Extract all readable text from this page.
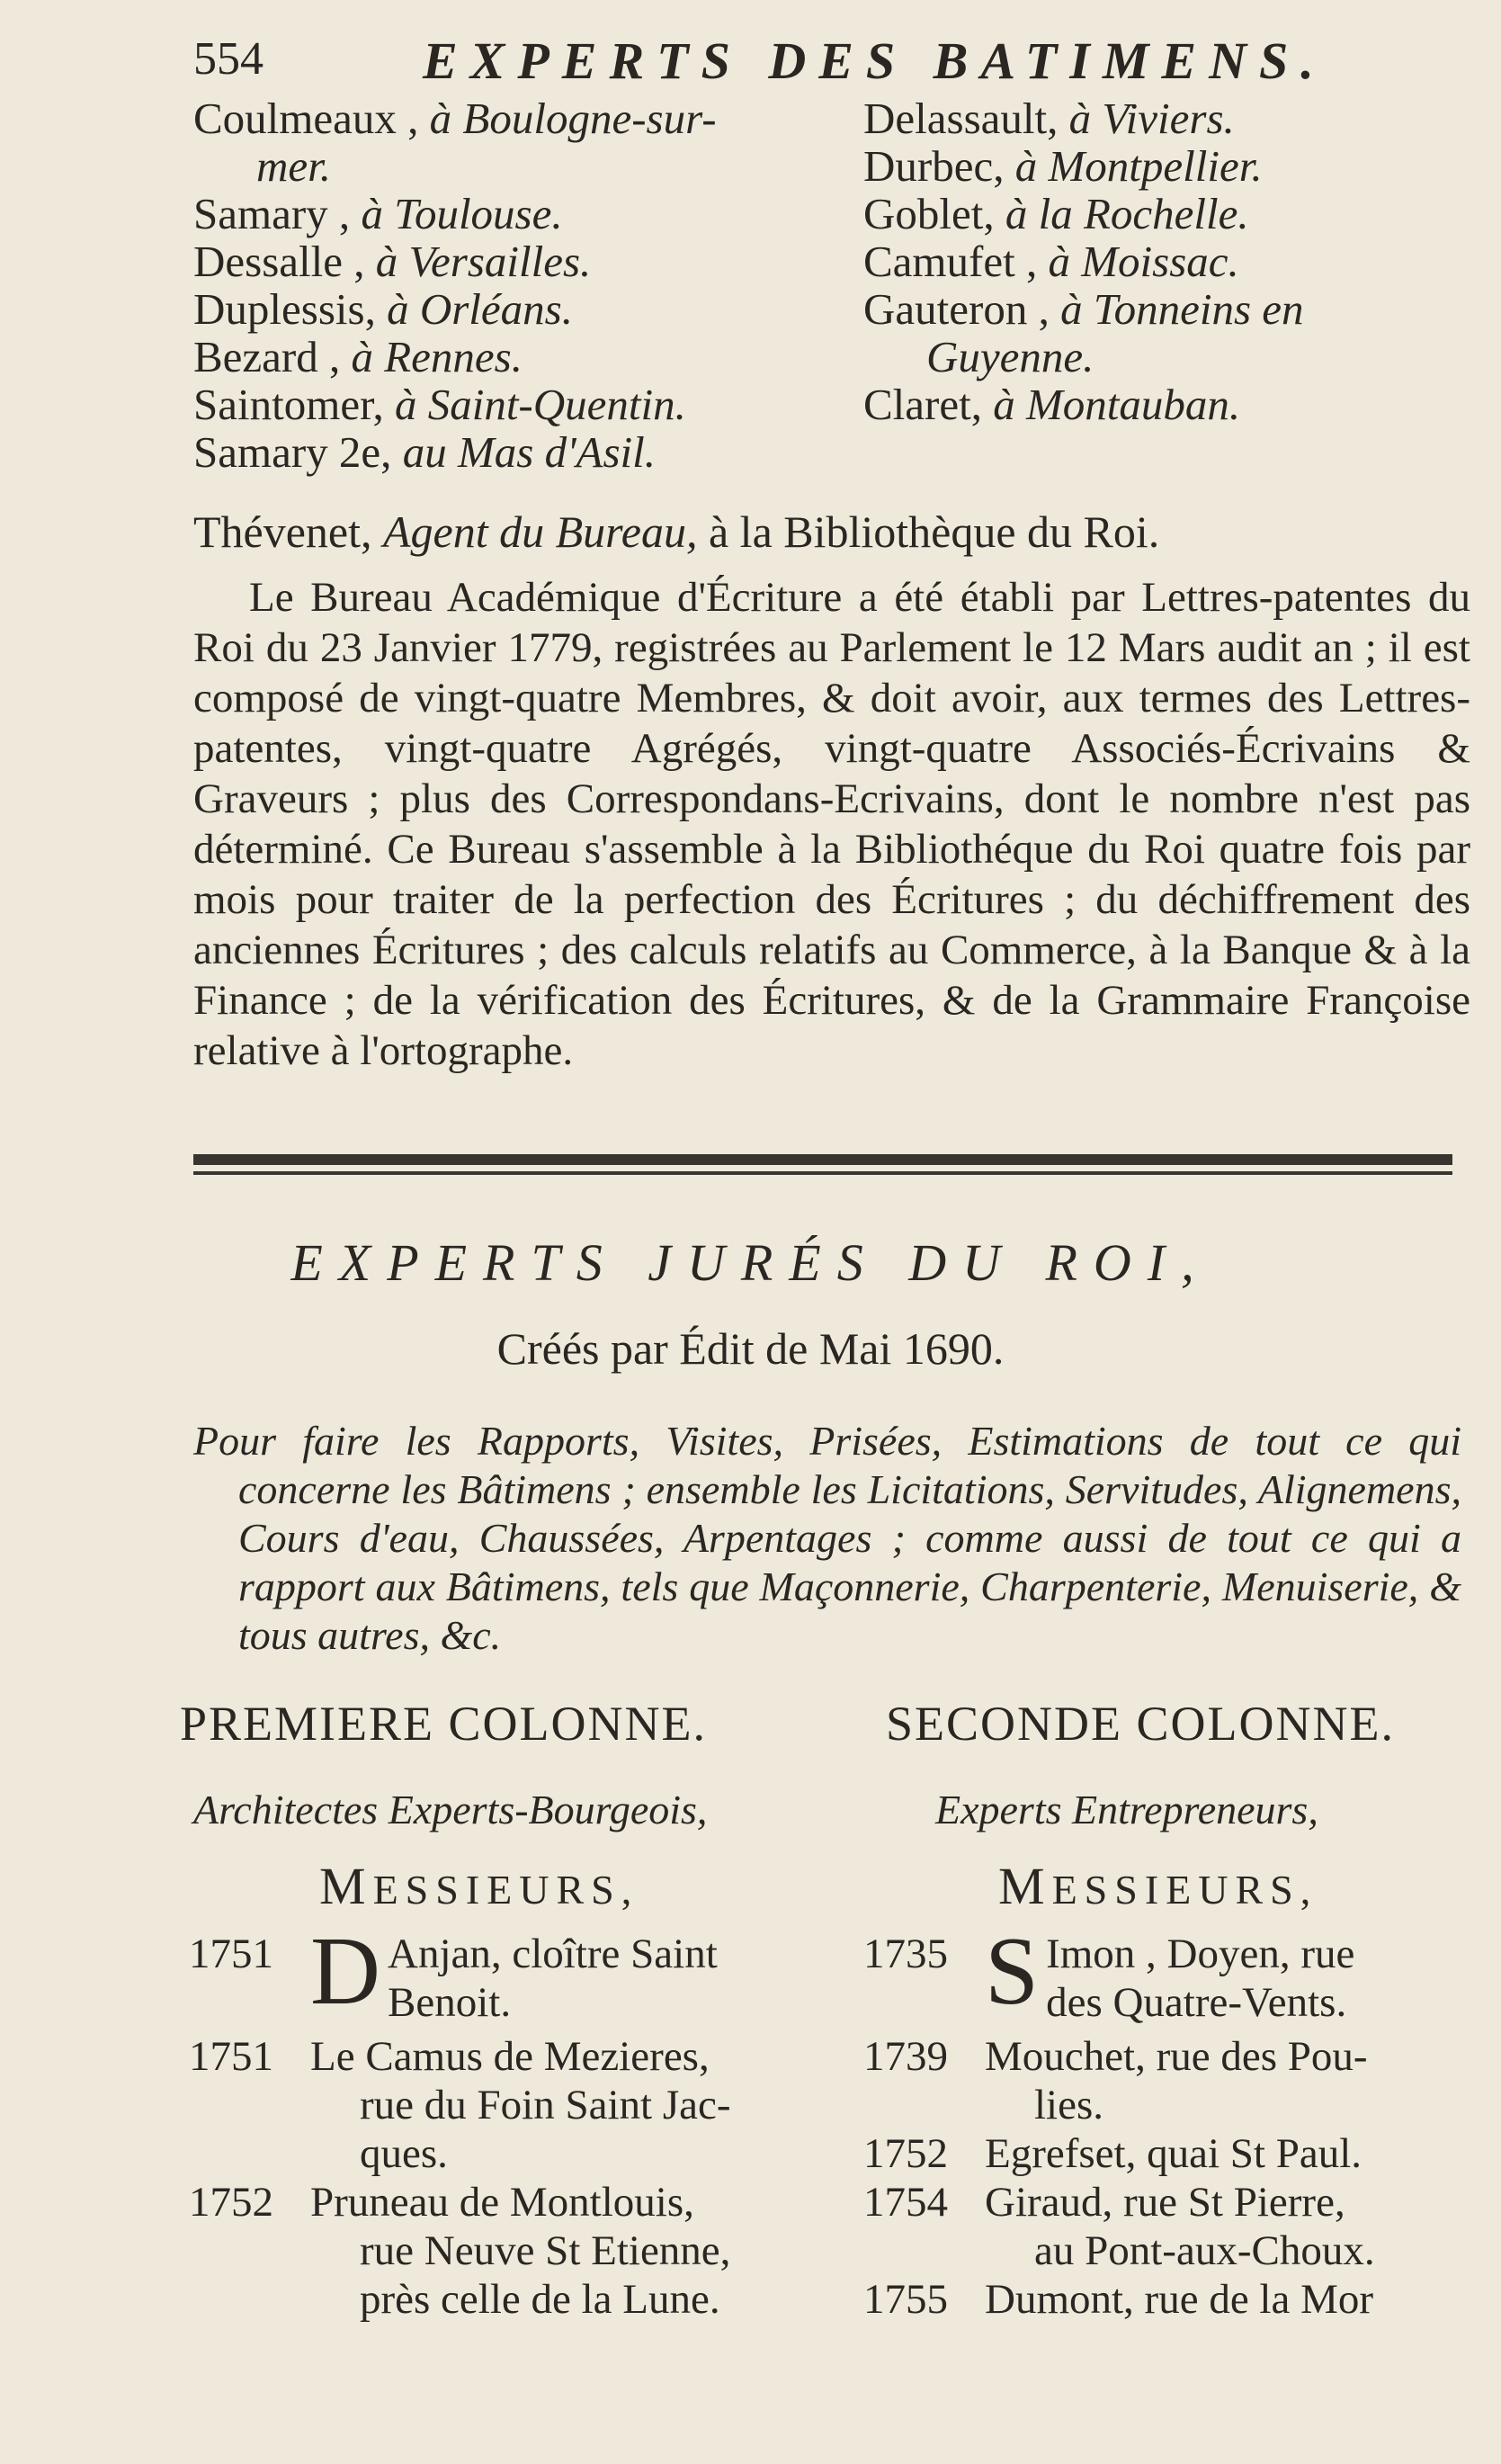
554	EXPERTS DES BATIMENS.
Coulmeaux , à Boulogne-sur-
mer.
Samary , à Toulouse.
Dessalle , à Versailles.
Duplessis, à Orléans.
Bezard , à Rennes.
Saintomer, à Saint-Quentin.
Samary 2e, au Mas d'Asil.
Delassault, à Viviers.
Durbec, à Montpellier.
Goblet, à la Rochelle.
Camufet , à Moissac.
Gauteron , à Tonneins en
Guyenne.
Claret, à Montauban.
Thévenet, Agent du Bureau, à la Bibliothèque du Roi.
Le Bureau Académique d'Écriture a été établi par Lettres-patentes du Roi du 23 Janvier 1779, registrées au Parlement le 12 Mars audit an ; il est composé de vingt-quatre Membres, & doit avoir, aux termes des Lettres-patentes, vingt-quatre Agrégés, vingt-quatre Associés-Écrivains & Graveurs ; plus des Correspondans-Ecrivains, dont le nombre n'est pas déterminé. Ce Bureau s'assemble à la Bibliothéque du Roi quatre fois par mois pour traiter de la perfection des Écritures ; du déchiffrement des anciennes Écritures ; des calculs relatifs au Commerce, à la Banque & à la Finance ; de la vérification des Écritures, & de la Grammaire Françoise relative à l'ortographe.
EXPERTS JURÉS DU ROI,
Créés par Édit de Mai 1690.
Pour faire les Rapports, Visites, Prisées, Estimations de tout ce qui concerne les Bâtimens ; ensemble les Licitations, Servitudes, Alignemens, Cours d'eau, Chaussées, Arpentages ; comme aussi de tout ce qui a rapport aux Bâtimens, tels que Maçonnerie, Charpenterie, Menuiserie, & tous autres, &c.
PREMIERE COLONNE.	SECONDE COLONNE.
Architectes Experts-Bourgeois,	Experts Entrepreneurs,
MESSIEURS,	MESSIEURS,
1751 D Anjan, cloître Saint
Benoit.
1751 Le Camus de Mezieres,
rue du Foin Saint Jac-
ques.
1752 Pruneau de Montlouis,
rue Neuve St Etienne,
près celle de la Lune.
1735 S Imon , Doyen, rue
des Quatre-Vents.
1739 Mouchet, rue des Pou-
lies.
1752 Egrefset, quai St Paul.
1754 Giraud, rue St Pierre,
au Pont-aux-Choux.
1755 Dumont, rue de la Mor
